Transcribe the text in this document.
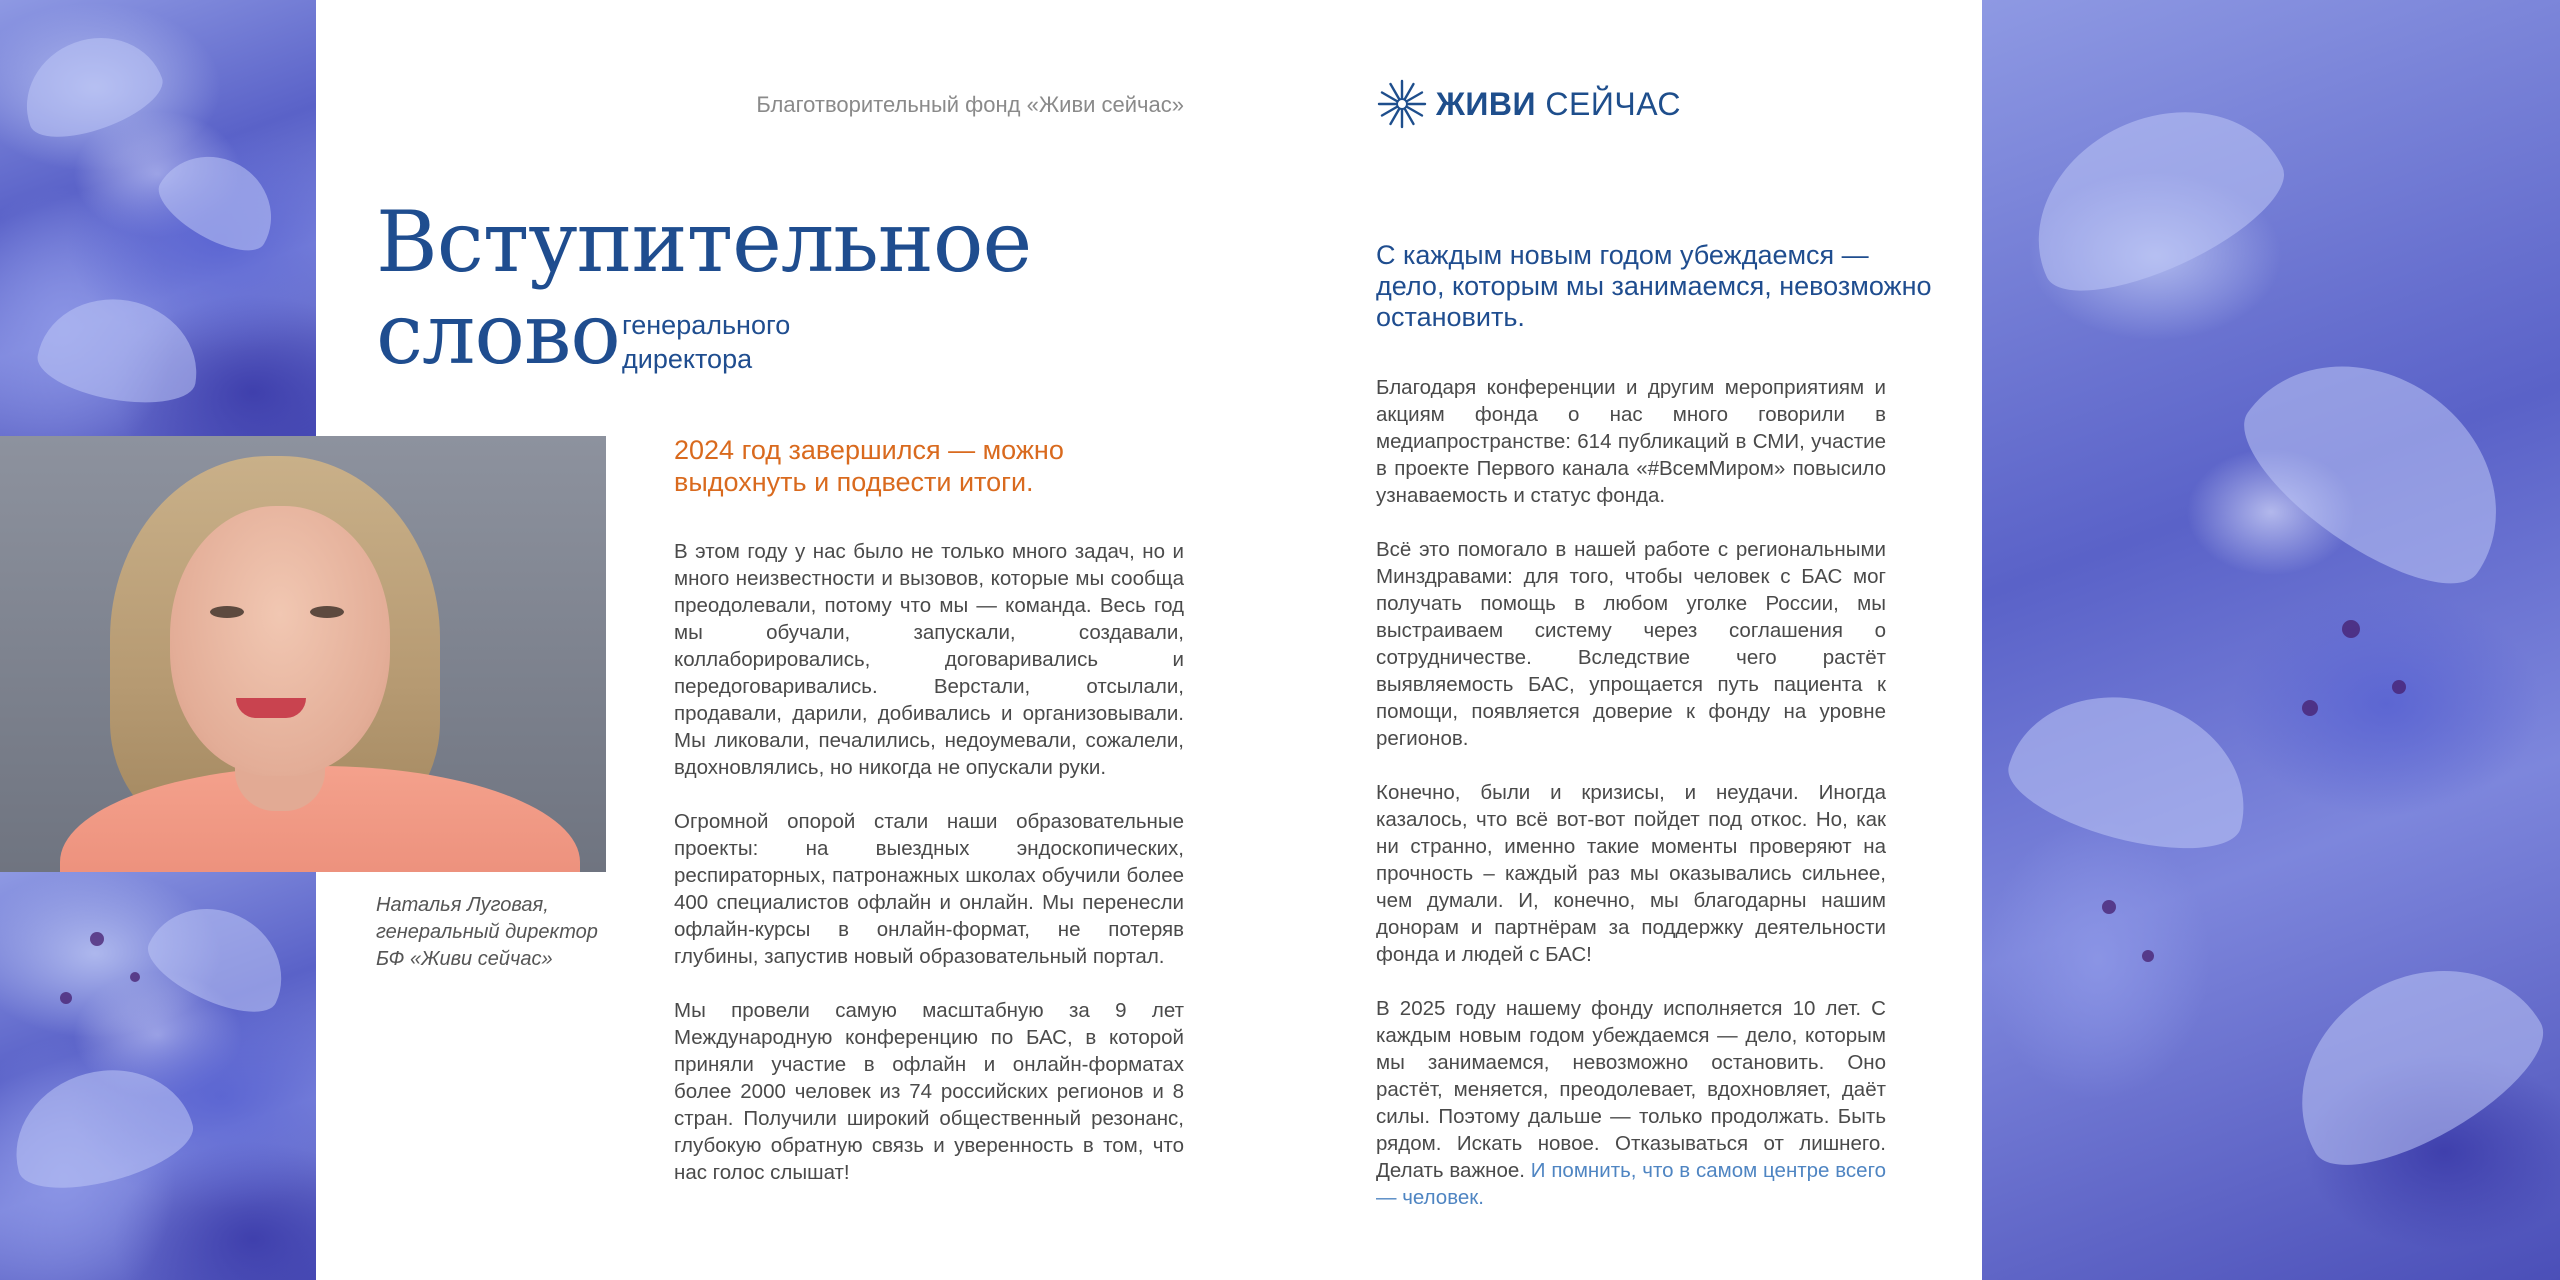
Благотворительный фонд «Живи сейчас»	ЖИВИ СЕЙЧАС
Вступительное
слово генерального
директора
Наталья Луговая,
генеральный директор
БФ «Живи сейчас»
2024 год завершился — можно выдохнуть и подвести итоги.

В этом году у нас было не только много задач, но и много неизвестности и вызовов, которые мы сообща преодолевали, потому что мы — команда. Весь год мы обучали, запускали, создавали, коллаборировались, договаривались и передоговаривались. Верстали, отсылали, продавали, дарили, добивались и организовывали. Мы ликовали, печалились, недоумевали, сожалели, вдохновлялись, но никогда не опускали руки.

Огромной опорой стали наши образовательные проекты: на выездных эндоскопических, респираторных, патронажных школах обучили более 400 специалистов офлайн и онлайн. Мы перенесли офлайн-курсы в онлайн-формат, не потеряв глубины, запустив новый образовательный портал.

Мы провели самую масштабную за 9 лет Международную конференцию по БАС, в которой приняли участие в офлайн и онлайн-форматах более 2000 человек из 74 российских регионов и 8 стран. Получили широкий общественный резонанс, глубокую обратную связь и уверенность в том, что нас голос слышат!

С каждым новым годом убеждаемся — дело, которым мы занимаемся, невозможно остановить.

Благодаря конференции и другим мероприятиям и акциям фонда о нас много говорили в медиапространстве: 614 публикаций в СМИ, участие в проекте Первого канала «#ВсемМиром» повысило узнаваемость и статус фонда.

Всё это помогало в нашей работе с региональными Минздравами: для того, чтобы человек с БАС мог получать помощь в любом уголке России, мы выстраиваем систему через соглашения о сотрудничестве. Вследствие чего растёт выявляемость БАС, упрощается путь пациента к помощи, появляется доверие к фонду на уровне регионов.

Конечно, были и кризисы, и неудачи. Иногда казалось, что всё вот-вот пойдет под откос. Но, как ни странно, именно такие моменты проверяют на прочность – каждый раз мы оказывались сильнее, чем думали. И, конечно, мы благодарны нашим донорам и партнёрам за поддержку деятельности фонда и людей с БАС!

В 2025 году нашему фонду исполняется 10 лет. С каждым новым годом убеждаемся — дело, которым мы занимаемся, невозможно остановить. Оно растёт, меняется, преодолевает, вдохновляет, даёт силы. Поэтому дальше — только продолжать. Быть рядом. Искать новое. Отказываться от лишнего. Делать важное. И помнить, что в самом центре всего — человек.
